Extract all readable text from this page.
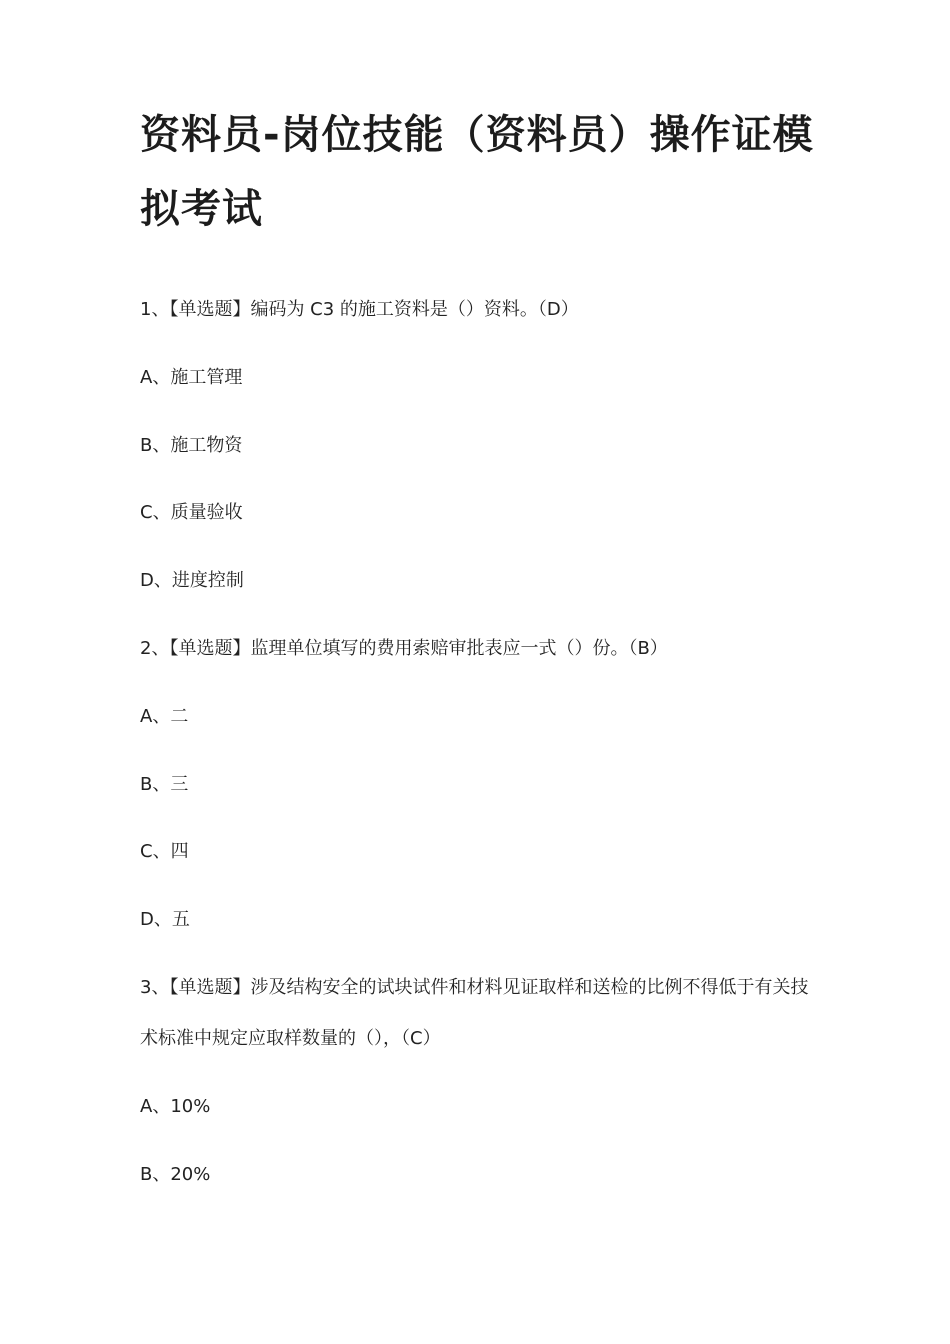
资料员-岗位技能（资料员）操作证模拟考试
1、【单选题】编码为 C3 的施工资料是（）资料。（D）
A、施工管理
B、施工物资
C、质量验收
D、进度控制
2、【单选题】监理单位填写的费用索赔审批表应一式（）份。（B）
A、二
B、三
C、四
D、五
3、【单选题】涉及结构安全的试块试件和材料见证取样和送检的比例不得低于有关技术标准中规定应取样数量的（），（C）
A、10%
B、20%
